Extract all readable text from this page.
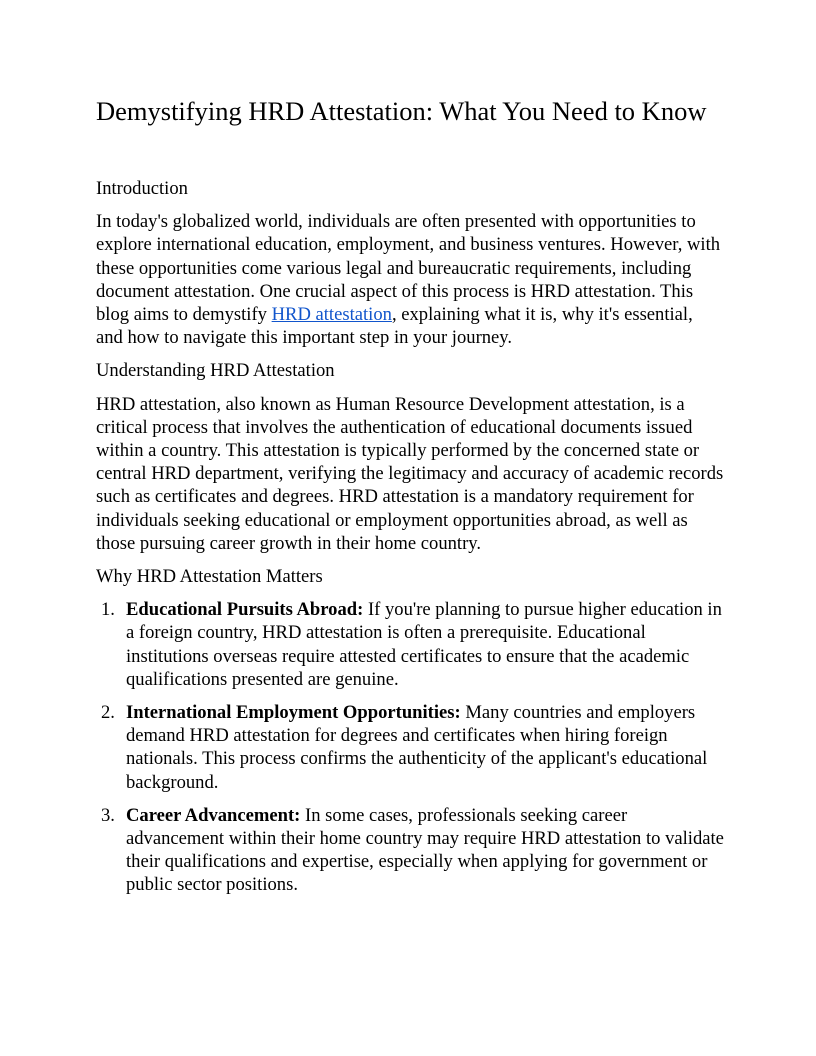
Demystifying HRD Attestation: What You Need to Know

Introduction

In today's globalized world, individuals are often presented with opportunities to explore international education, employment, and business ventures. However, with these opportunities come various legal and bureaucratic requirements, including document attestation. One crucial aspect of this process is HRD attestation. This blog aims to demystify HRD attestation, explaining what it is, why it's essential, and how to navigate this important step in your journey.

Understanding HRD Attestation

HRD attestation, also known as Human Resource Development attestation, is a critical process that involves the authentication of educational documents issued within a country. This attestation is typically performed by the concerned state or central HRD department, verifying the legitimacy and accuracy of academic records such as certificates and degrees. HRD attestation is a mandatory requirement for individuals seeking educational or employment opportunities abroad, as well as those pursuing career growth in their home country.

Why HRD Attestation Matters

1. Educational Pursuits Abroad: If you're planning to pursue higher education in a foreign country, HRD attestation is often a prerequisite. Educational institutions overseas require attested certificates to ensure that the academic qualifications presented are genuine.
2. International Employment Opportunities: Many countries and employers demand HRD attestation for degrees and certificates when hiring foreign nationals. This process confirms the authenticity of the applicant's educational background.
3. Career Advancement: In some cases, professionals seeking career advancement within their home country may require HRD attestation to validate their qualifications and expertise, especially when applying for government or public sector positions.
